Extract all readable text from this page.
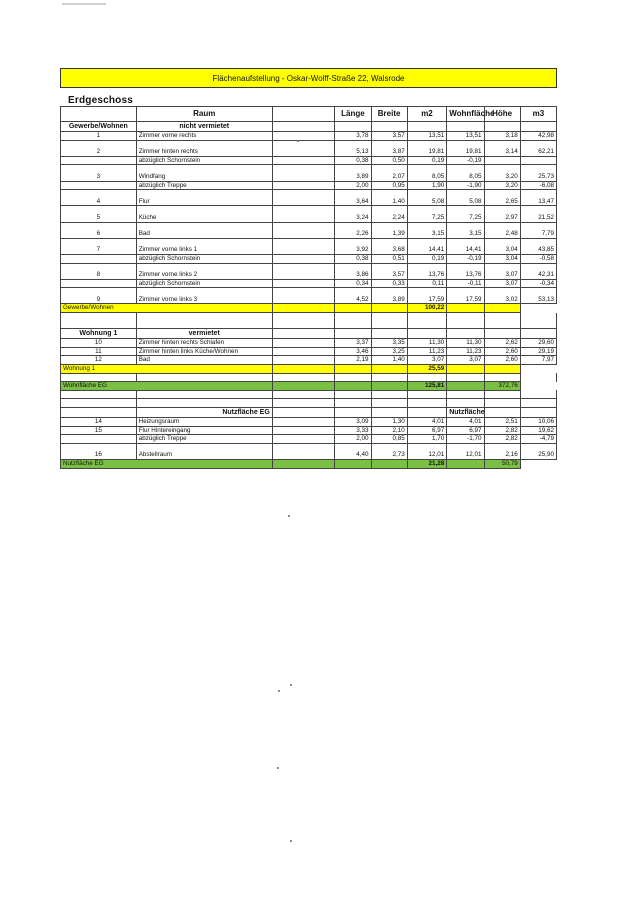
Flächenaufstellung - Oskar-Wolff-Straße 22, Walsrode
Erdgeschoss
	Raum		Länge	Breite	m2	Wohnfläche	Höhe	m3
Gewerbe/Wohnen	nicht vermietet							
1	Zimmer vorne rechts		3,78	3,57	13,51	13,51	3,18	42,98

2	Zimmer hinten rechts		5,13	3,87	19,81	19,81	3,14	62,21
	abzüglich Schornstein		0,38	0,50	0,19	-0,19		

3	Windfang		3,89	2,07	8,05	8,05	3,20	25,73
	abzüglich Treppe		2,00	0,95	1,90	-1,90	3,20	-6,08

4	Flur		3,64	1,40	5,08	5,08	2,65	13,47

5	Küche		3,24	2,24	7,25	7,25	2,97	21,52

6	Bad		2,26	1,39	3,15	3,15	2,48	7,79

7	Zimmer vorne links 1		3,92	3,68	14,41	14,41	3,04	43,85
	abzüglich Schornstein		0,38	0,51	0,19	-0,19	3,04	-0,58

8	Zimmer vorne links 2		3,86	3,57	13,76	13,76	3,07	42,31
	abzüglich Schornstein		0,34	0,33	0,11	-0,11	3,07	-0,34

9	Zimmer vorne links 3		4,52	3,89	17,59	17,59	3,02	53,13
Gewerbe/Wohnen					100,22			

Wohnung 1	vermietet							
10	Zimmer hinten rechts Schlafen		3,37	3,35	11,30	11,30	2,62	29,60
11	Zimmer hinten links Küche/Wohnen		3,46	3,25	11,23	11,23	2,60	29,19
12	Bad		2,19	1,40	3,07	3,07	2,60	7,97
Wohnung 1					25,59			

Wohnfläche EG					125,81		372,76	

	Nutzfläche EG					Nutzfläche		
14	Heizungsraum		3,09	1,30	4,01	4,01	2,51	10,06
15	Flur Hintereingang		3,33	2,10	6,97	6,97	2,82	19,62
	abzüglich Treppe		2,00	0,85	1,70	-1,70	2,82	-4,79

16	Abstellraum		4,40	2,73	12,01	12,01	2,16	25,90
Nutzfläche EG					21,28		50,79	
